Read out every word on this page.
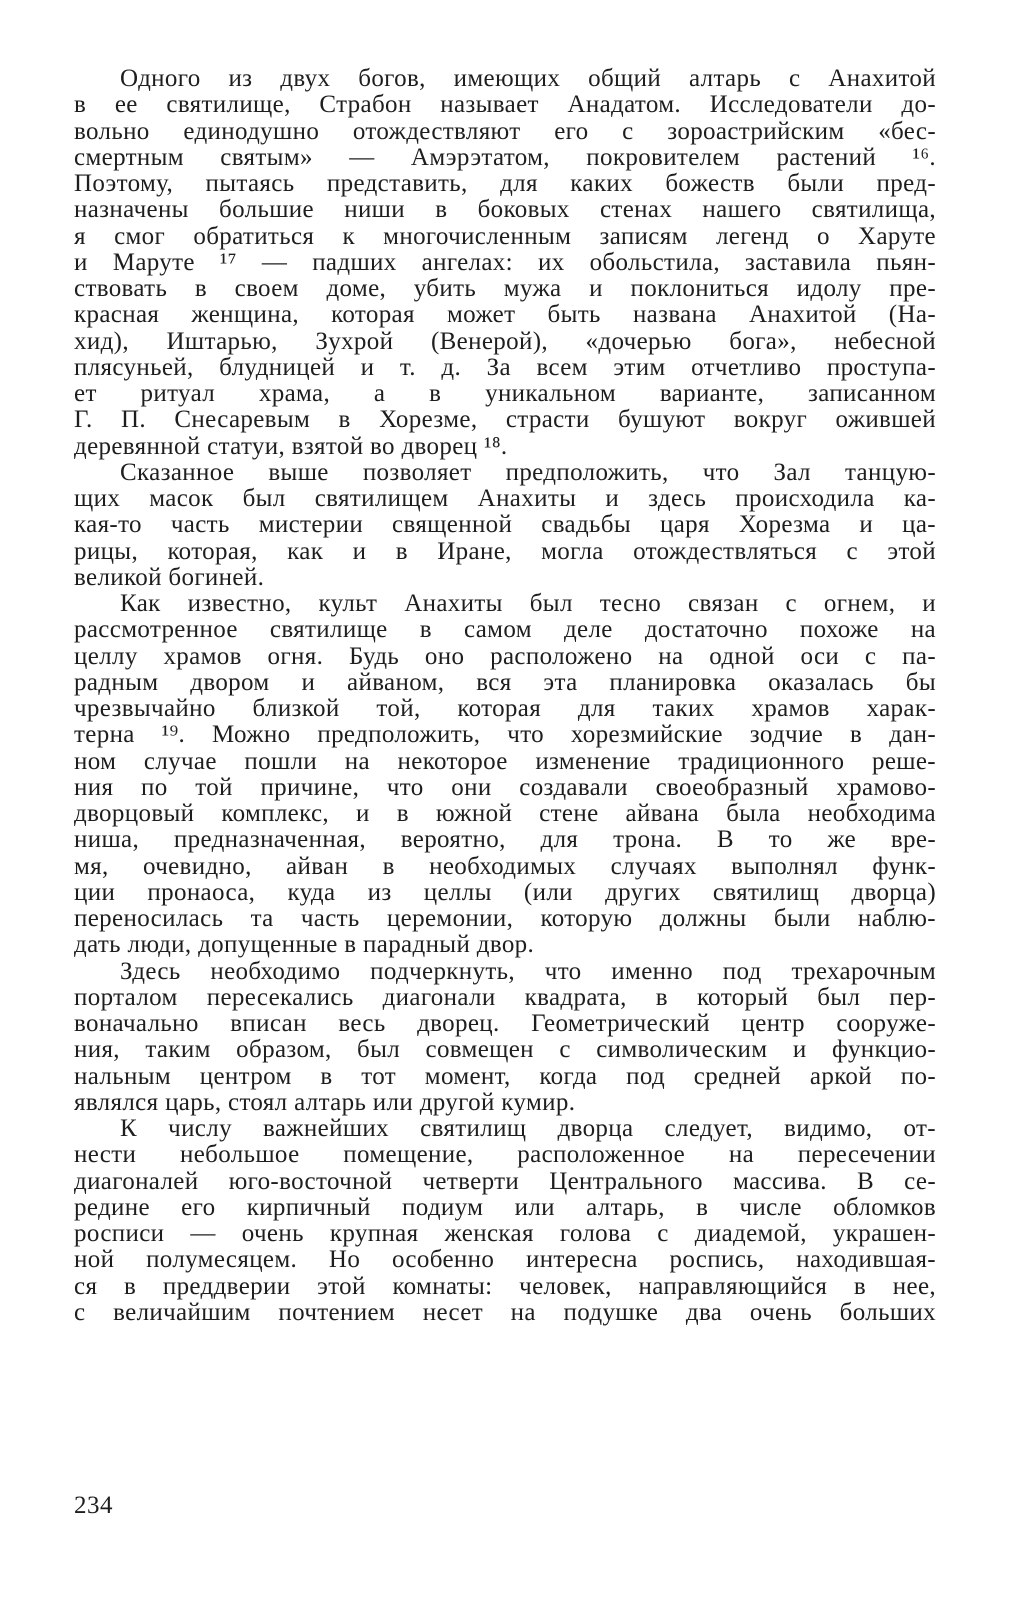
Одного из двух богов, имеющих общий алтарь с Анахитой
в ее святилище, Страбон называет Анадатом. Исследователи до-
вольно единодушно отождествляют его с зороастрийским «бес-
смертным святым» — Амэрэтатом, покровителем растений ¹⁶.
Поэтому, пытаясь представить, для каких божеств были пред-
назначены большие ниши в боковых стенах нашего святилища,
я смог обратиться к многочисленным записям легенд о Харуте
и Маруте ¹⁷ — падших ангелах: их обольстила, заставила пьян-
ствовать в своем доме, убить мужа и поклониться идолу пре-
красная женщина, которая может быть названа Анахитой (На-
хид), Иштарью, Зухрой (Венерой), «дочерью бога», небесной
плясуньей, блудницей и т. д. За всем этим отчетливо проступа-
ет ритуал храма, а в уникальном варианте, записанном
Г. П. Снесаревым в Хорезме, страсти бушуют вокруг ожившей
деревянной статуи, взятой во дворец ¹⁸.
Сказанное выше позволяет предположить, что Зал танцую-
щих масок был святилищем Анахиты и здесь происходила ка-
кая-то часть мистерии священной свадьбы царя Хорезма и ца-
рицы, которая, как и в Иране, могла отождествляться с этой
великой богиней.
Как известно, культ Анахиты был тесно связан с огнем, и
рассмотренное святилище в самом деле достаточно похоже на
целлу храмов огня. Будь оно расположено на одной оси с па-
радным двором и айваном, вся эта планировка оказалась бы
чрезвычайно близкой той, которая для таких храмов харак-
терна ¹⁹. Можно предположить, что хорезмийские зодчие в дан-
ном случае пошли на некоторое изменение традиционного реше-
ния по той причине, что они создавали своеобразный храмово-
дворцовый комплекс, и в южной стене айвана была необходима
ниша, предназначенная, вероятно, для трона. В то же вре-
мя, очевидно, айван в необходимых случаях выполнял функ-
ции пронаоса, куда из целлы (или других святилищ дворца)
переносилась та часть церемонии, которую должны были наблю-
дать люди, допущенные в парадный двор.
Здесь необходимо подчеркнуть, что именно под трехарочным
порталом пересекались диагонали квадрата, в который был пер-
воначально вписан весь дворец. Геометрический центр сооруже-
ния, таким образом, был совмещен с символическим и функцио-
нальным центром в тот момент, когда под средней аркой по-
являлся царь, стоял алтарь или другой кумир.
К числу важнейших святилищ дворца следует, видимо, от-
нести небольшое помещение, расположенное на пересечении
диагоналей юго-восточной четверти Центрального массива. В се-
редине его кирпичный подиум или алтарь, в числе обломков
росписи — очень крупная женская голова с диадемой, украшен-
ной полумесяцем. Но особенно интересна роспись, находившая-
ся в преддверии этой комнаты: человек, направляющийся в нее,
с величайшим почтением несет на подушке два очень больших
234
